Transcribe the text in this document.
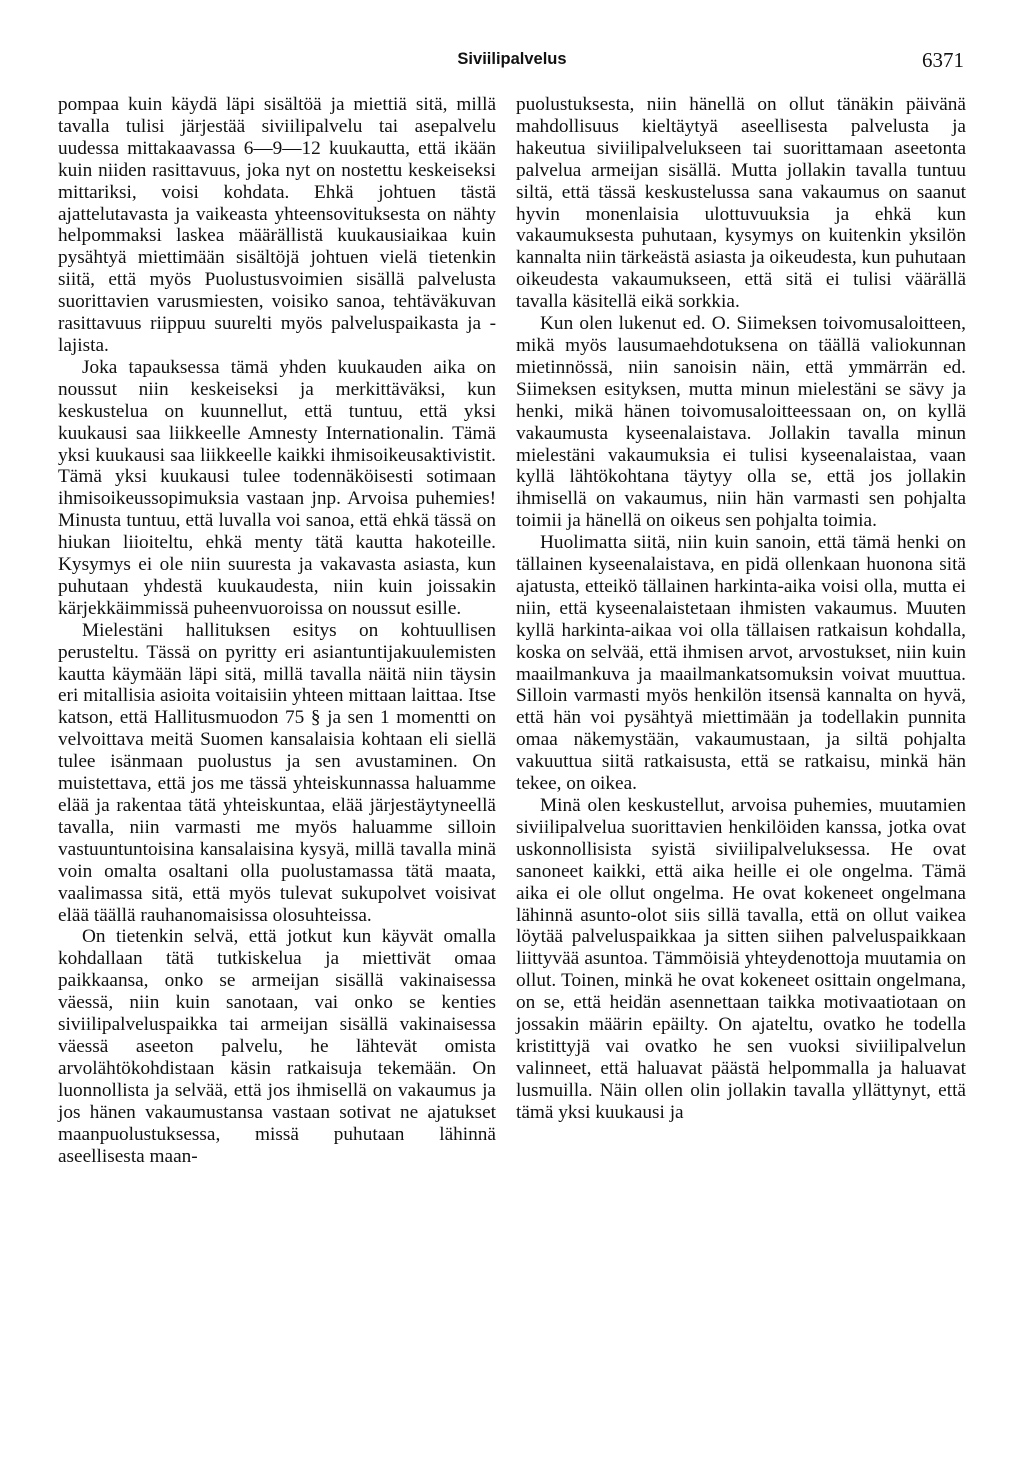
Siviilipalvelus	6371

pompaa kuin käydä läpi sisältöä ja miettiä sitä, millä tavalla tulisi järjestää siviilipalvelu tai asepalvelu uudessa mittakaavassa 6—9—12 kuukautta, että ikään kuin niiden rasittavuus, joka nyt on nostettu keskeiseksi mittariksi, voisi kohdata. Ehkä johtuen tästä ajattelutavasta ja vaikeasta yhteensovituksesta on nähty helpommaksi laskea määrällistä kuukausiaikaa kuin pysähtyä miettimään sisältöjä johtuen vielä tietenkin siitä, että myös Puolustusvoimien sisällä palvelusta suorittavien varusmiesten, voisiko sanoa, tehtäväkuvan rasittavuus riippuu suurelti myös palveluspaikasta ja -lajista.

Joka tapauksessa tämä yhden kuukauden aika on noussut niin keskeiseksi ja merkittäväksi, kun keskustelua on kuunnellut, että tuntuu, että yksi kuukausi saa liikkeelle Amnesty Internationalin. Tämä yksi kuukausi saa liikkeelle kaikki ihmisoikeusaktivistit. Tämä yksi kuukausi tulee todennäköisesti sotimaan ihmisoikeussopimuksia vastaan jnp. Arvoisa puhemies! Minusta tuntuu, että luvalla voi sanoa, että ehkä tässä on hiukan liioiteltu, ehkä menty tätä kautta hakoteille. Kysymys ei ole niin suuresta ja vakavasta asiasta, kun puhutaan yhdestä kuukaudesta, niin kuin joissakin kärjekkäimmissä puheenvuoroissa on noussut esille.

Mielestäni hallituksen esitys on kohtuullisen perusteltu. Tässä on pyritty eri asiantuntijakuulemisten kautta käymään läpi sitä, millä tavalla näitä niin täysin eri mitallisia asioita voitaisiin yhteen mittaan laittaa. Itse katson, että Hallitusmuodon 75 § ja sen 1 momentti on velvoittava meitä Suomen kansalaisia kohtaan eli siellä tulee isänmaan puolustus ja sen avustaminen. On muistettava, että jos me tässä yhteiskunnassa haluamme elää ja rakentaa tätä yhteiskuntaa, elää järjestäytyneellä tavalla, niin varmasti me myös haluamme silloin vastuuntuntoisina kansalaisina kysyä, millä tavalla minä voin omalta osaltani olla puolustamassa tätä maata, vaalimassa sitä, että myös tulevat sukupolvet voisivat elää täällä rauhanomaisissa olosuhteissa.

On tietenkin selvä, että jotkut kun käyvät omalla kohdallaan tätä tutkiskelua ja miettivät omaa paikkaansa, onko se armeijan sisällä vakinaisessa väessä, niin kuin sanotaan, vai onko se kenties siviilipalveluspaikka tai armeijan sisällä vakinaisessa väessä aseeton palvelu, he lähtevät omista arvolähtökohdistaan käsin ratkaisuja tekemään. On luonnollista ja selvää, että jos ihmisellä on vakaumus ja jos hänen vakaumustansa vastaan sotivat ne ajatukset maanpuolustuksessa, missä puhutaan lähinnä aseellisesta maan-

puolustuksesta, niin hänellä on ollut tänäkin päivänä mahdollisuus kieltäytyä aseellisesta palvelusta ja hakeutua siviilipalvelukseen tai suorittamaan aseetonta palvelua armeijan sisällä. Mutta jollakin tavalla tuntuu siltä, että tässä keskustelussa sana vakaumus on saanut hyvin monenlaisia ulottuvuuksia ja ehkä kun vakaumuksesta puhutaan, kysymys on kuitenkin yksilön kannalta niin tärkeästä asiasta ja oikeudesta, kun puhutaan oikeudesta vakaumukseen, että sitä ei tulisi väärällä tavalla käsitellä eikä sorkkia.

Kun olen lukenut ed. O. Siimeksen toivomusaloitteen, mikä myös lausumaehdotuksena on täällä valiokunnan mietinnössä, niin sanoisin näin, että ymmärrän ed. Siimeksen esityksen, mutta minun mielestäni se sävy ja henki, mikä hänen toivomusaloitteessaan on, on kyllä vakaumusta kyseenalaistava. Jollakin tavalla minun mielestäni vakaumuksia ei tulisi kyseenalaistaa, vaan kyllä lähtökohtana täytyy olla se, että jos jollakin ihmisellä on vakaumus, niin hän varmasti sen pohjalta toimii ja hänellä on oikeus sen pohjalta toimia.

Huolimatta siitä, niin kuin sanoin, että tämä henki on tällainen kyseenalaistava, en pidä ollenkaan huonona sitä ajatusta, etteikö tällainen harkinta-aika voisi olla, mutta ei niin, että kyseenalaistetaan ihmisten vakaumus. Muuten kyllä harkinta-aikaa voi olla tällaisen ratkaisun kohdalla, koska on selvää, että ihmisen arvot, arvostukset, niin kuin maailmankuva ja maailmankatsomuksin voivat muuttua. Silloin varmasti myös henkilön itsensä kannalta on hyvä, että hän voi pysähtyä miettimään ja todellakin punnita omaa näkemystään, vakaumustaan, ja siltä pohjalta vakuuttua siitä ratkaisusta, että se ratkaisu, minkä hän tekee, on oikea.

Minä olen keskustellut, arvoisa puhemies, muutamien siviilipalvelua suorittavien henkilöiden kanssa, jotka ovat uskonnollisista syistä siviilipalveluksessa. He ovat sanoneet kaikki, että aika heille ei ole ongelma. Tämä aika ei ole ollut ongelma. He ovat kokeneet ongelmana lähinnä asunto-olot siis sillä tavalla, että on ollut vaikea löytää palveluspaikkaa ja sitten siihen palveluspaikkaan liittyvää asuntoa. Tämmöisiä yhteydenottoja muutamia on ollut. Toinen, minkä he ovat kokeneet osittain ongelmana, on se, että heidän asennettaan taikka motivaatiotaan on jossakin määrin epäilty. On ajateltu, ovatko he todella kristittyjä vai ovatko he sen vuoksi siviilipalvelun valinneet, että haluavat päästä helpommalla ja haluavat lusmuilla. Näin ollen olin jollakin tavalla yllättynyt, että tämä yksi kuukausi ja
